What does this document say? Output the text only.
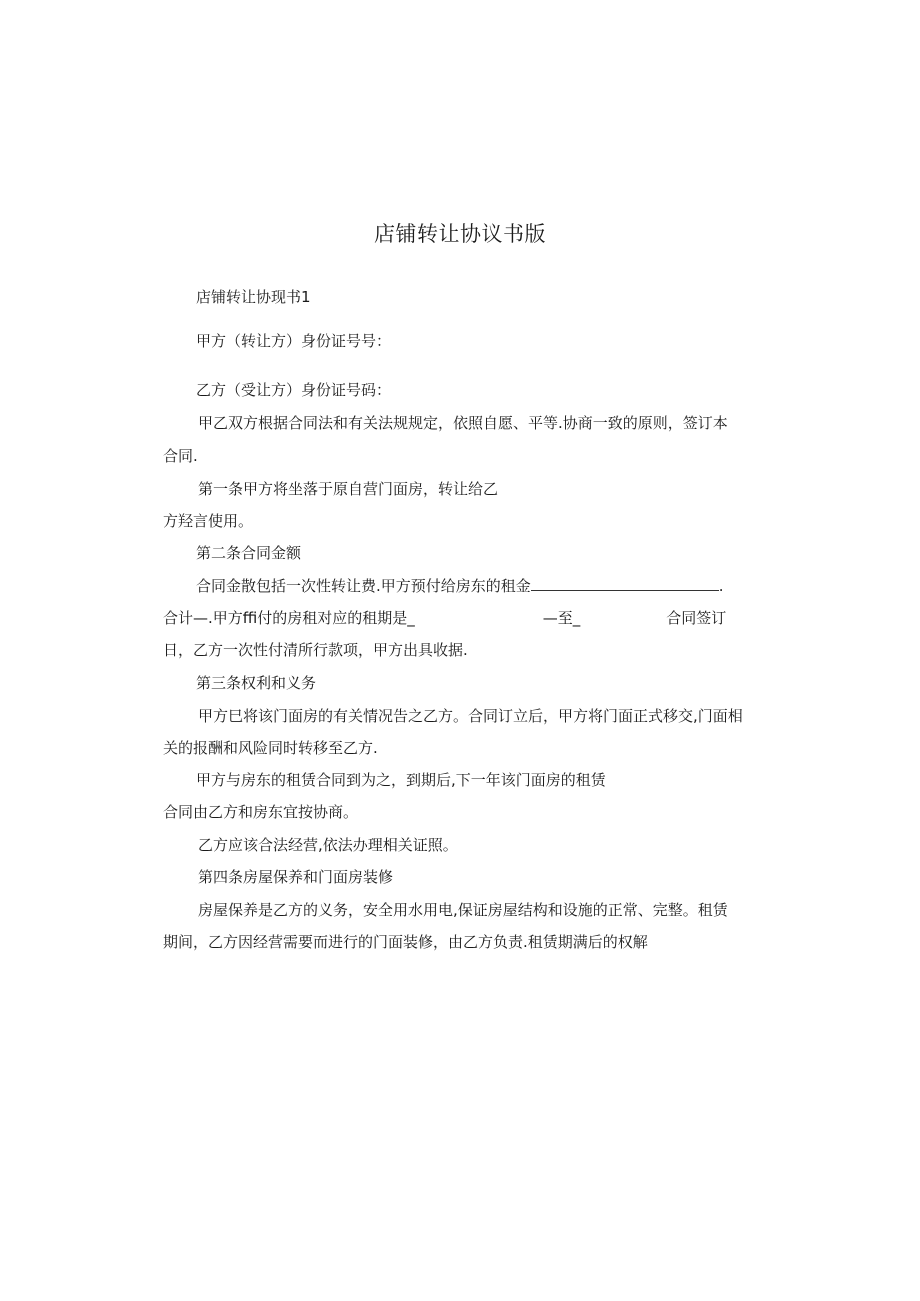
店铺转让协议书版
店铺转让协现书1
甲方（转让方）身份证号号：
乙方（受让方）身份证号码：
甲乙双方根据合同法和有关法规规定，依照自愿、平等.协商一致的原则，签订本
合同.
第一条甲方将坐落于原自营门面房，转让给乙
方羟言使用。
第二条合同金额
合同金散包括一次性转让费.甲方预付给房东的租金	.
合计—.甲方ffi付的房租对应的租期是_	—至_	合同签订
日，乙方一次性付清所行款项，甲方出具收据.
第三条权利和义务
甲方巳将该门面房的有关情况告之乙方。合同订立后，甲方将门面正式移交,门面相
关的报酬和风险同时转移至乙方.
甲方与房东的租赁合同到为之，到期后,下一年该门面房的租赁
合同由乙方和房东宜按协商。
乙方应该合法经营,依法办理相关证照。
第四条房屋保养和门面房装修
房屋保养是乙方的义务，安全用水用电,保证房屋结构和设施的正常、完整。租赁
期间，乙方因经营需要而进行的门面装修，由乙方负责.租赁期满后的权解
